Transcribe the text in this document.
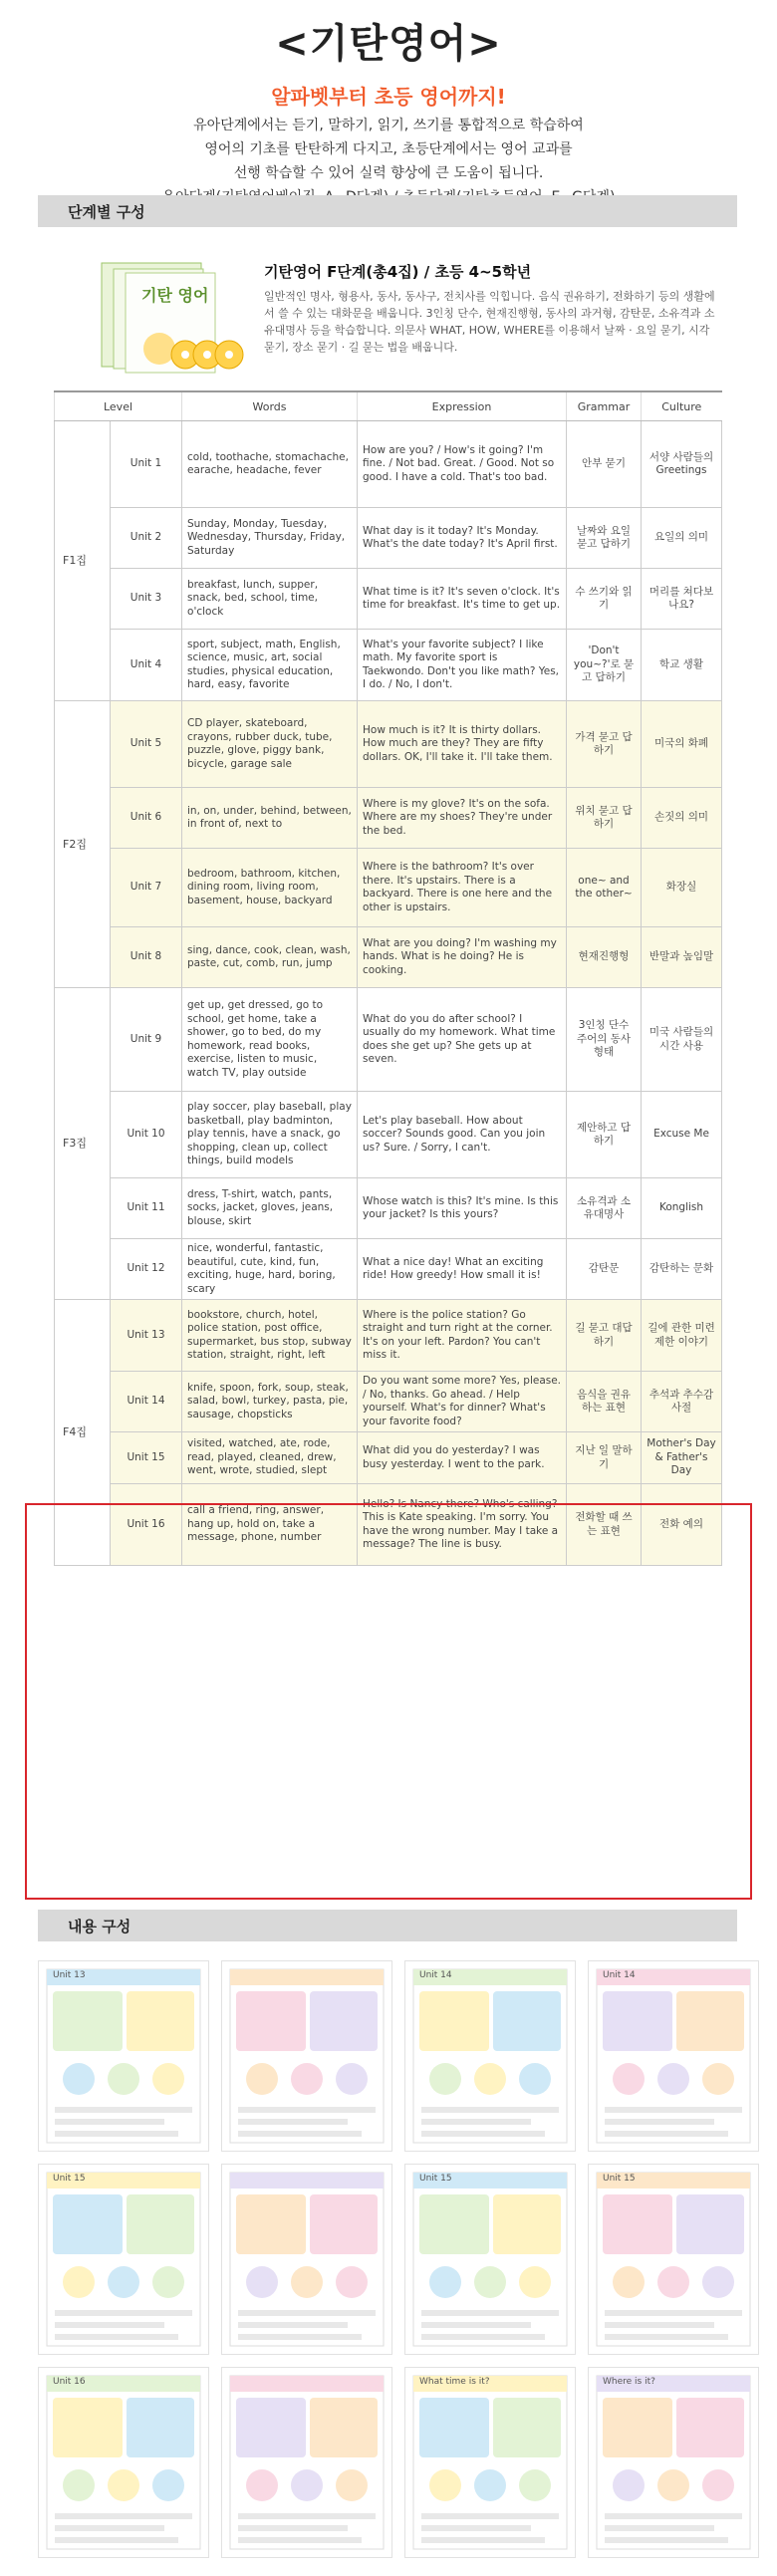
<기탄영어>
알파벳부터 초등 영어까지!

유아단계에서는 듣기, 말하기, 읽기, 쓰기를 통합적으로 학습하여

영어의 기초를 탄탄하게 다지고, 초등단계에서는 영어 교과를

선행 학습할 수 있어 실력 향상에 큰 도움이 됩니다.

단계별 구성
기탄 영어
기탄영어 F단계(총4집) / 초등 4~5학년

일반적인 명사, 형용사, 동사, 동사구, 전치사를 익힙니다. 음식 권유하기, 전화하기 등의 생활에서 쓸 수 있는 대화문을 배웁니다. 3인칭 단수, 현재진행형, 동사의 과거형, 감탄문, 소유격과 소유대명사 등을 학습합니다. 의문사 WHAT, HOW, WHERE를 이용해서 날짜 · 요일 묻기, 시각 묻기, 장소 묻기 · 길 묻는 법을 배웁니다.

Level		Words	Expression	Grammar	Culture
F1집	Unit 1	cold, toothache, stomachache, earache, headache, fever	How are you? / How's it going? I'm fine. / Not bad. Great. / Good. Not so good. I have a cold. That's too bad.	안부 묻기	서양 사람들의 Greetings
	Unit 2	Sunday, Monday, Tuesday, Wednesday, Thursday, Friday, Saturday	What day is it today? It's Monday. What's the date today? It's April first.	날짜와 요일 묻고 답하기	요일의 의미
	Unit 3	breakfast, lunch, supper, snack, bed, school, time, o'clock	What time is it? It's seven o'clock. It's time for breakfast. It's time to get up.	수 쓰기와 읽기	머리를 쳐다보나요?
	Unit 4	sport, subject, math, English, science, music, art, social studies, physical education, hard, easy, favorite	What's your favorite subject? I like math. My favorite sport is Taekwondo. Don't you like math? Yes, I do. / No, I don't.	'Don't you~?'로 묻고 답하기	학교 생활
F2집	Unit 5	CD player, skateboard, crayons, rubber duck, tube, puzzle, glove, piggy bank, bicycle, garage sale	How much is it? It is thirty dollars. How much are they? They are fifty dollars. OK, I'll take it. I'll take them.	가격 묻고 답하기	미국의 화폐
	Unit 6	in, on, under, behind, between, in front of, next to	Where is my glove? It's on the sofa. Where are my shoes? They're under the bed.	위치 묻고 답하기	손짓의 의미
	Unit 7	bedroom, bathroom, kitchen, dining room, living room, basement, house, backyard	Where is the bathroom? It's over there. It's upstairs. There is a backyard. There is one here and the other is upstairs.	one~ and the other~	화장실
	Unit 8	sing, dance, cook, clean, wash, paste, cut, comb, run, jump	What are you doing? I'm washing my hands. What is he doing? He is cooking.	현재진행형	반말과 높임말
F3집	Unit 9	get up, get dressed, go to school, get home, take a shower, go to bed, do my homework, read books, exercise, listen to music, watch TV, play outside	What do you do after school? I usually do my homework. What time does she get up? She gets up at seven.	3인칭 단수 주어의 동사 형태	미국 사람들의 시간 사용
	Unit 10	play soccer, play baseball, play basketball, play badminton, play tennis, have a snack, go shopping, clean up, collect things, build models	Let's play baseball. How about soccer? Sounds good. Can you join us? Sure. / Sorry, I can't.	제안하고 답하기	Excuse Me
	Unit 11	dress, T-shirt, watch, pants, socks, jacket, gloves, jeans, blouse, skirt	Whose watch is this? It's mine. Is this your jacket? Is this yours?	소유격과 소유대명사	Konglish
	Unit 12	nice, wonderful, fantastic, beautiful, cute, kind, fun, exciting, huge, hard, boring, scary	What a nice day! What an exciting ride! How greedy! How small it is!	감탄문	감탄하는 문화
F4집	Unit 13	bookstore, church, hotel, police station, post office, supermarket, bus stop, subway station, straight, right, left	Where is the police station? Go straight and turn right at the corner. It's on your left. Pardon? You can't miss it.	길 묻고 대답하기	길에 관한 미련제한 이야기
	Unit 14	knife, spoon, fork, soup, steak, salad, bowl, turkey, pasta, pie, sausage, chopsticks	Do you want some more? Yes, please. / No, thanks. Go ahead. / Help yourself. What's for dinner? What's your favorite food?	음식을 권유하는 표현	추석과 추수감사절
	Unit 15	visited, watched, ate, rode, read, played, cleaned, drew, went, wrote, studied, slept	What did you do yesterday? I was busy yesterday. I went to the park.	지난 일 말하기	Mother's Day & Father's Day
	Unit 16	call a friend, ring, answer, hang up, hold on, take a message, phone, number	Hello? Is Nancy there? Who's calling? This is Kate speaking. I'm sorry. You have the wrong number. May I take a message? The line is busy.	전화할 때 쓰는 표현	전화 예의
내용 구성
Unit 13	Unit 14	Unit 14
Unit 15	Unit 15	Unit 15
Unit 16	What time is it?	Where is it?
